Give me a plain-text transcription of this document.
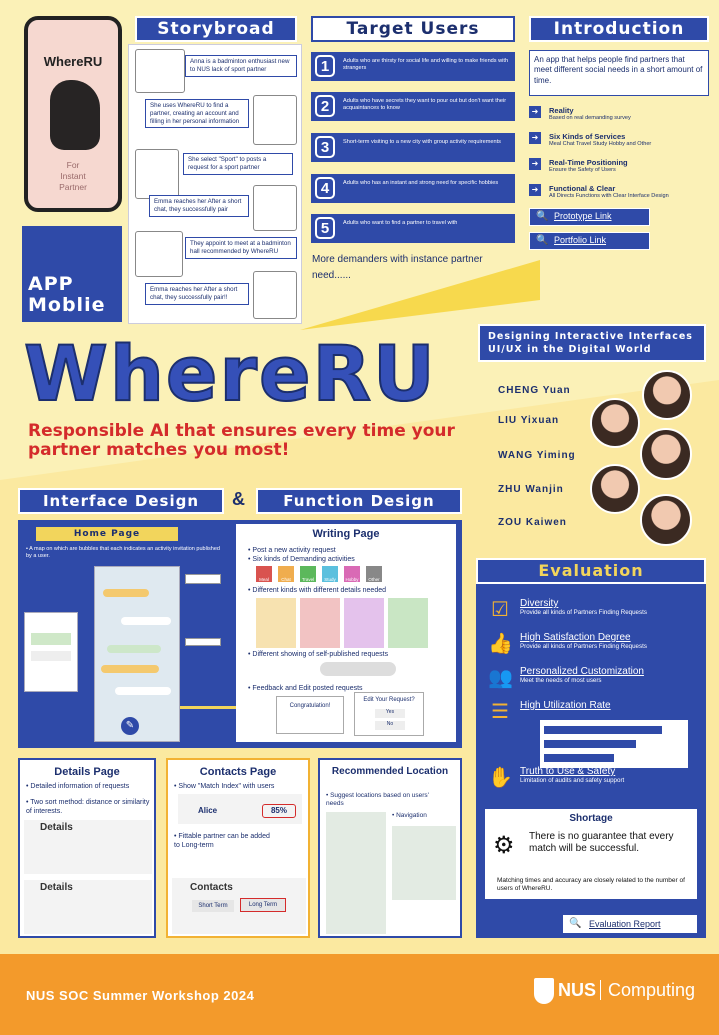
WhereRU
For
Instant
Partner
APP
Moblie
Storybroad
Anna is a badminton enthusiast new to NUS lack of sport partner
She uses WhereRU to find a partner, creating an account and filling in her personal information
She select "Sport" to posts a request for a sport partner
Emma reaches her After a short chat, they successfully pair
They appoint to meet at a badminton hall recommended by WhereRU
Emma reaches her After a short chat, they successfully pair!!
Target Users
1	Adults who are thirsty for social life and willing to make friends with strangers
2	Adults who have secrets they want to pour out but don't want their acquaintances to know
3	Short-term visiting to a new city with group activity requirements
4	Adults who has an instant and strong need for specific hobbies
5	Adults who want to find a partner to travel with
More demanders with instance partner need......
Introduction
An app that helps people find partners that meet different social needs in a short amount of time.
➜	Reality
Based on real demanding survey
➜	Six Kinds of Services
Meal Chat Travel Study Hobby and Other
➜	Real-Time Positioning
Ensure the Safety of Users
➜	Functional & Clear
All Directs Functions with Clear Interface Design
🔍 Prototype Link
🔍 Portfolio Link
Designing Interactive Interfaces
UI/UX in the Digital World
WhereRU
Responsible AI that ensures every time your partner matches you most!
CHENG Yuan
LIU Yixuan
WANG Yiming
ZHU Wanjin
ZOU Kaiwen
Interface Design	&	Function Design
Home Page
• A map on which are bubbles that each indicates an activity invitation published by a user.
✎
Writing Page
• Post a new activity request
• Six kinds of Demanding activities
Meal	Chat	Travel	Study	Hobby	Other
• Different kinds with different details needed
• Different showing of self-published requests
• Feedback and Edit posted requests
Congratulation!
Edit Your Request?
Yes
No
Details Page
• Detailed information of requests
• Two sort method: distance or similarity of interests.
Details
Details
Contacts Page
• Show "Match Index" with users
Alice	85%
• Fittable partner can be added to Long-term
Contacts
Short Term	Long Term
Recommended Location
• Suggest locations based on users' needs
• Navigation
Evaluation
☑	Diversity
Provide all kinds of Partners Finding Requests
👍 High Satisfaction Degree
Provide all kinds of Partners Finding Requests
👥 Personalized Customization
Meet the needs of most users
☰	High Utilization Rate
✋ Truth to Use & Safety
Limitation of audits and safety support
Shortage
⚙ There is no guarantee that every match will be successful.
Matching times and accuracy are closely related to the number of users of WhereRU.
🔍 Evaluation Report
NUS SOC Summer Workshop 2024	NUS Computing
